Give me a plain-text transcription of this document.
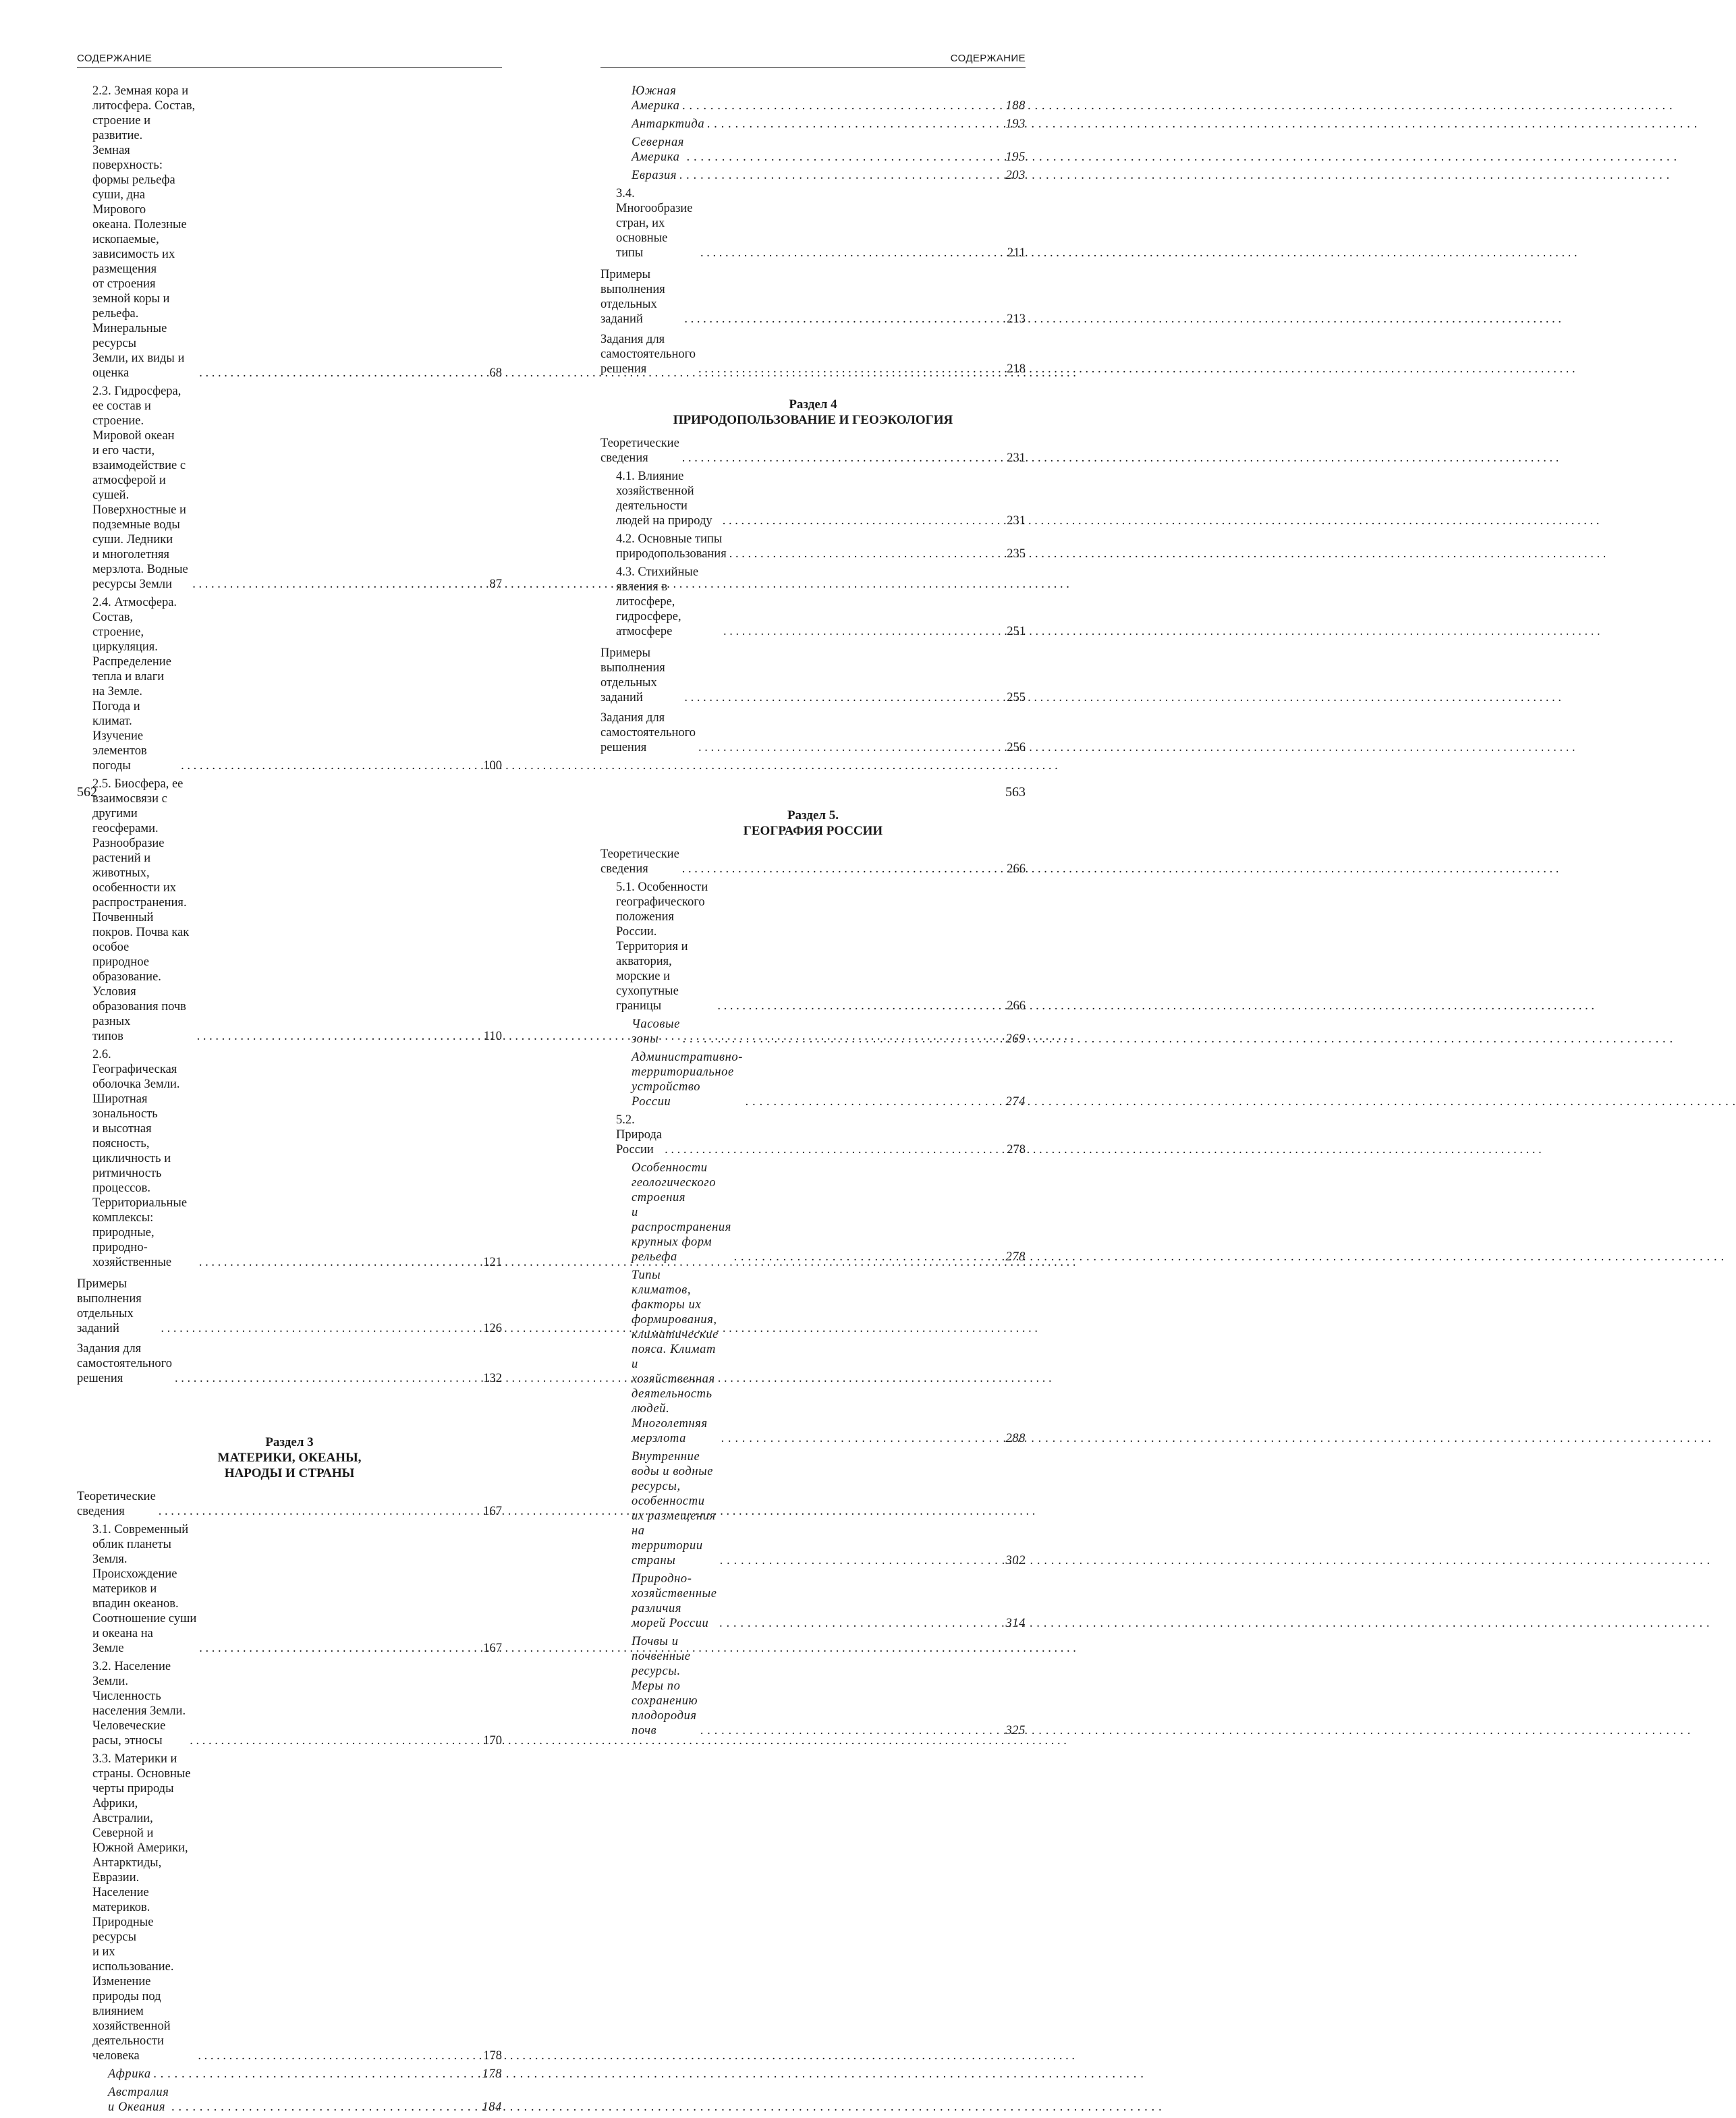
СОДЕРЖАНИЕ
2.2. Земная кора и литосфера. Состав, строение и развитие.
Земная поверхность: формы рельефа суши, дна Мирового
океана. Полезные ископаемые, зависимость их размещения
от строения земной коры и рельефа. Минеральные ресурсы
Земли, их виды и оценка . . .	68
2.3. Гидросфера, ее состав и строение. Мировой океан
и его части, взаимодействие с атмосферой и сушей.
Поверхностные и подземные воды суши. Ледники
и многолетняя мерзлота. Водные ресурсы Земли . . .	87
2.4. Атмосфера. Состав, строение, циркуляция.
Распределение тепла и влаги на Земле.
Погода и климат. Изучение элементов погоды . . .	100
2.5. Биосфера, ее взаимосвязи с другими геосферами.
Разнообразие растений и животных, особенности их
распространения. Почвенный покров. Почва как особое
природное образование. Условия образования почв разных
типов . . .	110
2.6. Географическая оболочка Земли. Широтная зональность
и высотная поясность, цикличность и ритмичность
процессов. Территориальные комплексы: природные,
природно-хозяйственные . . .	121
Примеры выполнения отдельных заданий . . .	126
Задания для самостоятельного решения . . .	132
Раздел 3
МАТЕРИКИ, ОКЕАНЫ,
НАРОДЫ И СТРАНЫ
Теоретические сведения . . .	167
3.1. Современный облик планеты Земля. Происхождение
материков и впадин океанов. Соотношение суши и океана на
Земле . . .	167
3.2. Население Земли. Численность населения Земли.
Человеческие расы, этносы . . .	170
3.3. Материки и страны. Основные черты природы Африки,
Австралии, Северной и Южной Америки, Антарктиды,
Евразии. Население материков. Природные ресурсы
и их использование. Изменение природы под влиянием
хозяйственной деятельности человека . . .	178
Африка . . .	178
Австралия и Океания . . .	184
562
СОДЕРЖАНИЕ
Южная Америка . . .	188
Антарктида . . .	193
Северная Америка . . .	195
Евразия . . .	203
3.4. Многообразие стран, их основные типы . . .	211
Примеры выполнения отдельных заданий . . .	213
Задания для самостоятельного решения . . .	218
Раздел 4
ПРИРОДОПОЛЬЗОВАНИЕ И ГЕОЭКОЛОГИЯ
Теоретические сведения . . .	231
4.1. Влияние хозяйственной деятельности людей на природу . . .	231
4.2. Основные типы природопользования . . .	235
4.3. Стихийные явления в литосфере, гидросфере, атмосфере . . .	251
Примеры выполнения отдельных заданий . . .	255
Задания для самостоятельного решения . . .	256
Раздел 5.
ГЕОГРАФИЯ РОССИИ
Теоретические сведения . . .	266
5.1. Особенности географического положения России.
Территория и акватория, морские и сухопутные границы . . .	266
Часовые зоны . . .	269
Административно-территориальное устройство
России . . .	274
5.2. Природа России . . .	278
Особенности геологического строения
и распространения крупных форм рельефа . . .	278
Типы климатов, факторы их формирования,
климатические пояса. Климат и хозяйственная
деятельность людей. Многолетняя мерзлота . . .	288
Внутренние воды и водные ресурсы,
особенности их размещения на территории страны . . .	302
Природно-хозяйственные различия морей России . . .	314
Почвы и почвенные ресурсы.
Меры по сохранению плодородия почв . . .	325
563
